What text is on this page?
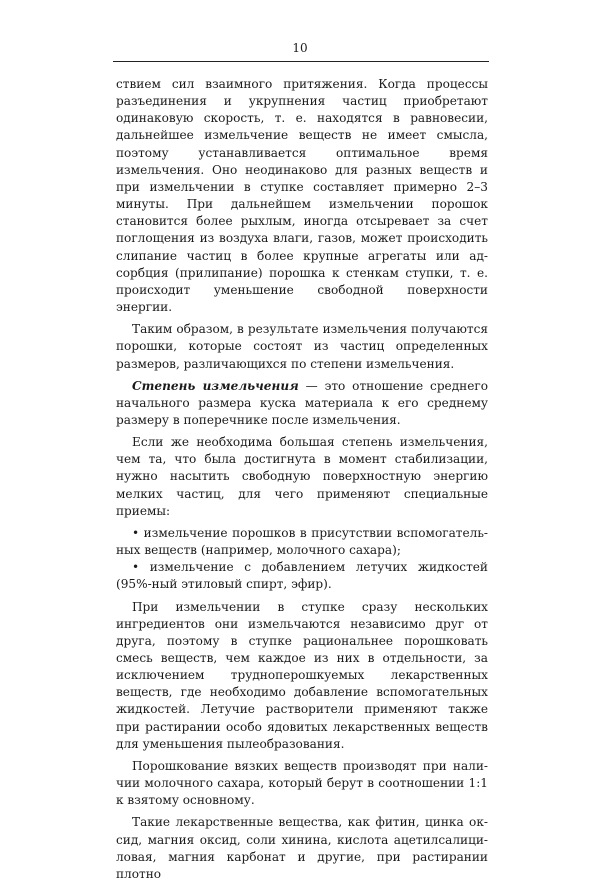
10

ствием сил взаимного притяжения. Когда процессы разъединения и укрупнения частиц приобретают одинаковую скорость, т. е. находятся в равновесии, дальнейшее измельчение веществ не имеет смысла, поэтому устанавливается оптимальное время измельчения. Оно неодинаково для разных веществ и при измельчении в ступке составляет примерно 2–3 минуты. При дальнейшем измельчении порошок становится более рыхлым, иногда отсыревает за счет поглощения из воздуха влаги, газов, может происходить слипание частиц в более крупные агрегаты или адсорбция (прилипание) порошка к стенкам ступки, т. е. происходит уменьшение свободной поверхности энергии.

Таким образом, в результате измельчения получаются порошки, которые состоят из частиц определенных размеров, различающихся по степени измельчения.

Степень измельчения — это отношение среднего начального размера куска материала к его среднему размеру в поперечнике после измельчения.

Если же необходима большая степень измельчения, чем та, что была достигнута в момент стабилизации, нужно насытить свободную поверхностную энергию мелких частиц, для чего применяют специальные приемы:

• измельчение порошков в присутствии вспомогательных веществ (например, молочного сахара);

• измельчение с добавлением летучих жидкостей (95%-ный этиловый спирт, эфир).

При измельчении в ступке сразу нескольких ингредиентов они измельчаются независимо друг от друга, поэтому в ступке рациональнее порошковать смесь веществ, чем каждое из них в отдельности, за исключением трудноперошкуемых лекарственных веществ, где необходимо добавление вспомогательных жидкостей. Летучие растворители применяют также при растирании особо ядовитых лекарственных веществ для уменьшения пылеобразования.

Порошкование вязких веществ производят при наличии молочного сахара, который берут в соотношении 1:1 к взятому основному.

Такие лекарственные вещества, как фитин, цинка оксид, магния оксид, соли хинина, кислота ацетилсалициловая, магния карбонат и другие, при растирании плотно
